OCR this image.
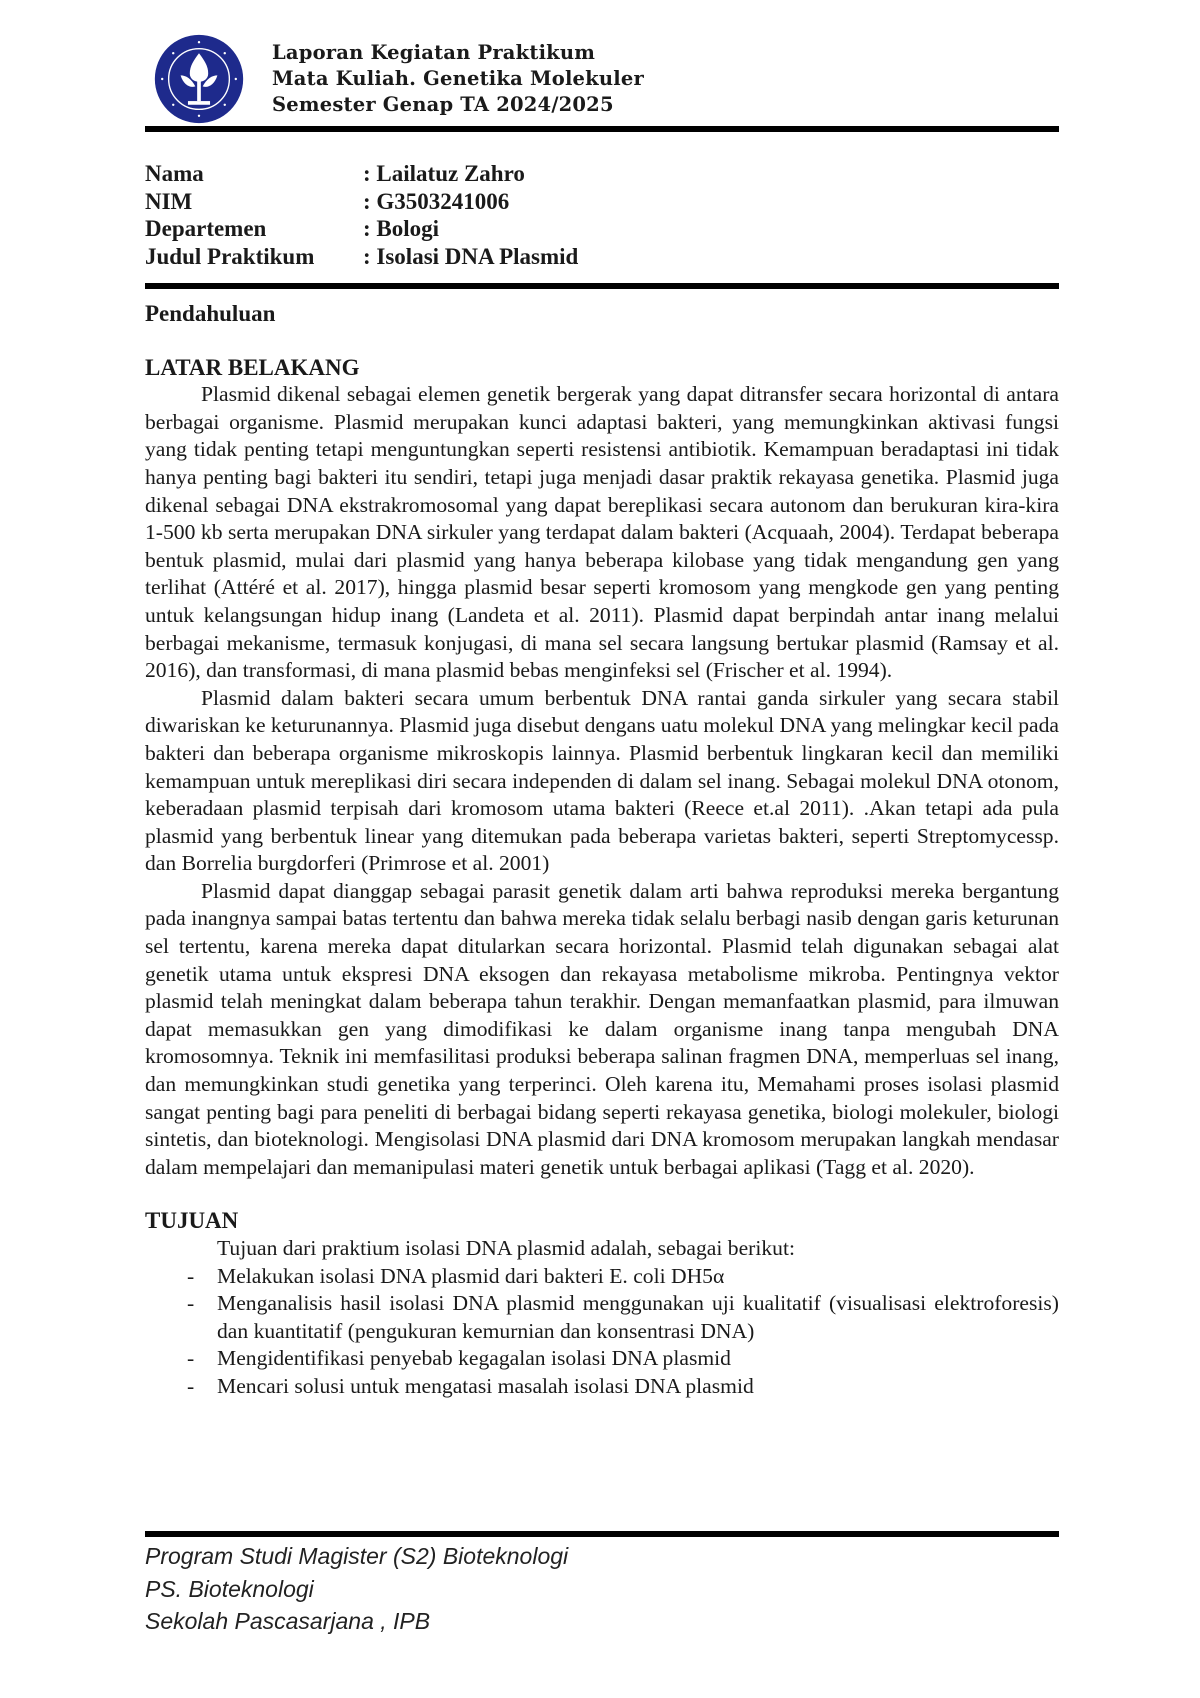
Laporan Kegiatan Praktikum
Mata Kuliah. Genetika Molekuler
Semester Genap TA 2024/2025
Nama	: Lailatuz Zahro
NIM	: G3503241006
Departemen	: Bologi
Judul Praktikum	: Isolasi DNA Plasmid

Pendahuluan

LATAR BELAKANG

Plasmid dikenal sebagai elemen genetik bergerak yang dapat ditransfer secara horizontal di antara berbagai organisme. Plasmid merupakan kunci adaptasi bakteri, yang memungkinkan aktivasi fungsi yang tidak penting tetapi menguntungkan seperti resistensi antibiotik. Kemampuan beradaptasi ini tidak hanya penting bagi bakteri itu sendiri, tetapi juga menjadi dasar praktik rekayasa genetika. Plasmid juga dikenal sebagai DNA ekstrakromosomal yang dapat bereplikasi secara autonom dan berukuran kira-kira 1-500 kb serta merupakan DNA sirkuler yang terdapat dalam bakteri (Acquaah, 2004). Terdapat beberapa bentuk plasmid, mulai dari plasmid yang hanya beberapa kilobase yang tidak mengandung gen yang terlihat (Attéré et al. 2017), hingga plasmid besar seperti kromosom yang mengkode gen yang penting untuk kelangsungan hidup inang (Landeta et al. 2011). Plasmid dapat berpindah antar inang melalui berbagai mekanisme, termasuk konjugasi, di mana sel secara langsung bertukar plasmid (Ramsay et al. 2016), dan transformasi, di mana plasmid bebas menginfeksi sel (Frischer et al. 1994).

Plasmid dalam bakteri secara umum berbentuk DNA rantai ganda sirkuler yang secara stabil diwariskan ke keturunannya. Plasmid juga disebut dengans uatu molekul DNA yang melingkar kecil pada bakteri dan beberapa organisme mikroskopis lainnya. Plasmid berbentuk lingkaran kecil dan memiliki kemampuan untuk mereplikasi diri secara independen di dalam sel inang. Sebagai molekul DNA otonom, keberadaan plasmid terpisah dari kromosom utama bakteri (Reece et.al 2011). .Akan tetapi ada pula plasmid yang berbentuk linear yang ditemukan pada beberapa varietas bakteri, seperti Streptomycessp. dan Borrelia burgdorferi (Primrose et al. 2001)

Plasmid dapat dianggap sebagai parasit genetik dalam arti bahwa reproduksi mereka bergantung pada inangnya sampai batas tertentu dan bahwa mereka tidak selalu berbagi nasib dengan garis keturunan sel tertentu, karena mereka dapat ditularkan secara horizontal. Plasmid telah digunakan sebagai alat genetik utama untuk ekspresi DNA eksogen dan rekayasa metabolisme mikroba. Pentingnya vektor plasmid telah meningkat dalam beberapa tahun terakhir. Dengan memanfaatkan plasmid, para ilmuwan dapat memasukkan gen yang dimodifikasi ke dalam organisme inang tanpa mengubah DNA kromosomnya. Teknik ini memfasilitasi produksi beberapa salinan fragmen DNA, memperluas sel inang, dan memungkinkan studi genetika yang terperinci. Oleh karena itu, Memahami proses isolasi plasmid sangat penting bagi para peneliti di berbagai bidang seperti rekayasa genetika, biologi molekuler, biologi sintetis, dan bioteknologi. Mengisolasi DNA plasmid dari DNA kromosom merupakan langkah mendasar dalam mempelajari dan memanipulasi materi genetik untuk berbagai aplikasi (Tagg et al. 2020).

TUJUAN

Tujuan dari praktium isolasi DNA plasmid adalah, sebagai berikut:

- Melakukan isolasi DNA plasmid dari bakteri E. coli DH5α
- Menganalisis hasil isolasi DNA plasmid menggunakan uji kualitatif (visualisasi elektroforesis) dan kuantitatif (pengukuran kemurnian dan konsentrasi DNA)
- Mengidentifikasi penyebab kegagalan isolasi DNA plasmid
- Mencari solusi untuk mengatasi masalah isolasi DNA plasmid
Program Studi Magister (S2) Bioteknologi
PS. Bioteknologi
Sekolah Pascasarjana , IPB
